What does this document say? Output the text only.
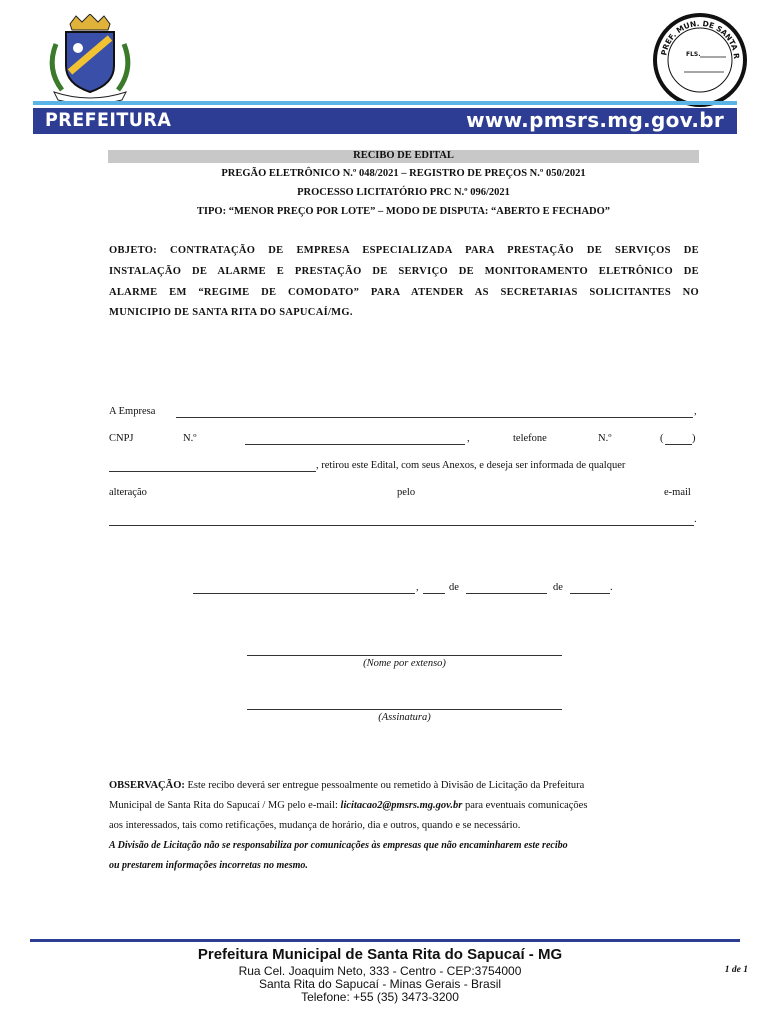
PREF. MUN. DE SANTA R
FLS.
PREFEITURA	www.pmsrs.mg.gov.br
RECIBO DE EDITAL
PREGÃO ELETRÔNICO N.º 048/2021 – REGISTRO DE PREÇOS N.º 050/2021
PROCESSO LICITATÓRIO PRC N.º 096/2021
TIPO: “MENOR PREÇO POR LOTE” – MODO DE DISPUTA: “ABERTO E FECHADO”
OBJETO: CONTRATAÇÃO DE EMPRESA ESPECIALIZADA PARA PRESTAÇÃO DE SERVIÇOS DE
INSTALAÇÃO DE ALARME E PRESTAÇÃO DE SERVIÇO DE MONITORAMENTO ELETRÔNICO DE
ALARME EM “REGIME DE COMODATO” PARA ATENDER AS SECRETARIAS SOLICITANTES NO
MUNICIPIO DE SANTA RITA DO SAPUCAÍ/MG.
A Empresa	,
CNPJ	N.º	,	telefone	N.º	(	)
, retirou este Edital, com seus Anexos, e deseja ser informada de qualquer
alteração	pelo	e-mail
.
,	de	de	.
(Nome por extenso)
(Assinatura)
OBSERVAÇÃO: Este recibo deverá ser entregue pessoalmente ou remetido à Divisão de Licitação da Prefeitura
Municipal de Santa Rita do Sapucaí / MG pelo e-mail: licitacao2@pmsrs.mg.gov.br para eventuais comunicações
aos interessados, tais como retificações, mudança de horário, dia e outros, quando e se necessário.
A Divisão de Licitação não se responsabiliza por comunicações às empresas que não encaminharem este recibo
ou prestarem informações incorretas no mesmo.
Prefeitura Municipal de Santa Rita do Sapucaí - MG
Rua Cel. Joaquim Neto, 333 - Centro - CEP:3754000
Santa Rita do Sapucaí - Minas Gerais - Brasil
Telefone: +55 (35) 3473-3200
1 de 1
